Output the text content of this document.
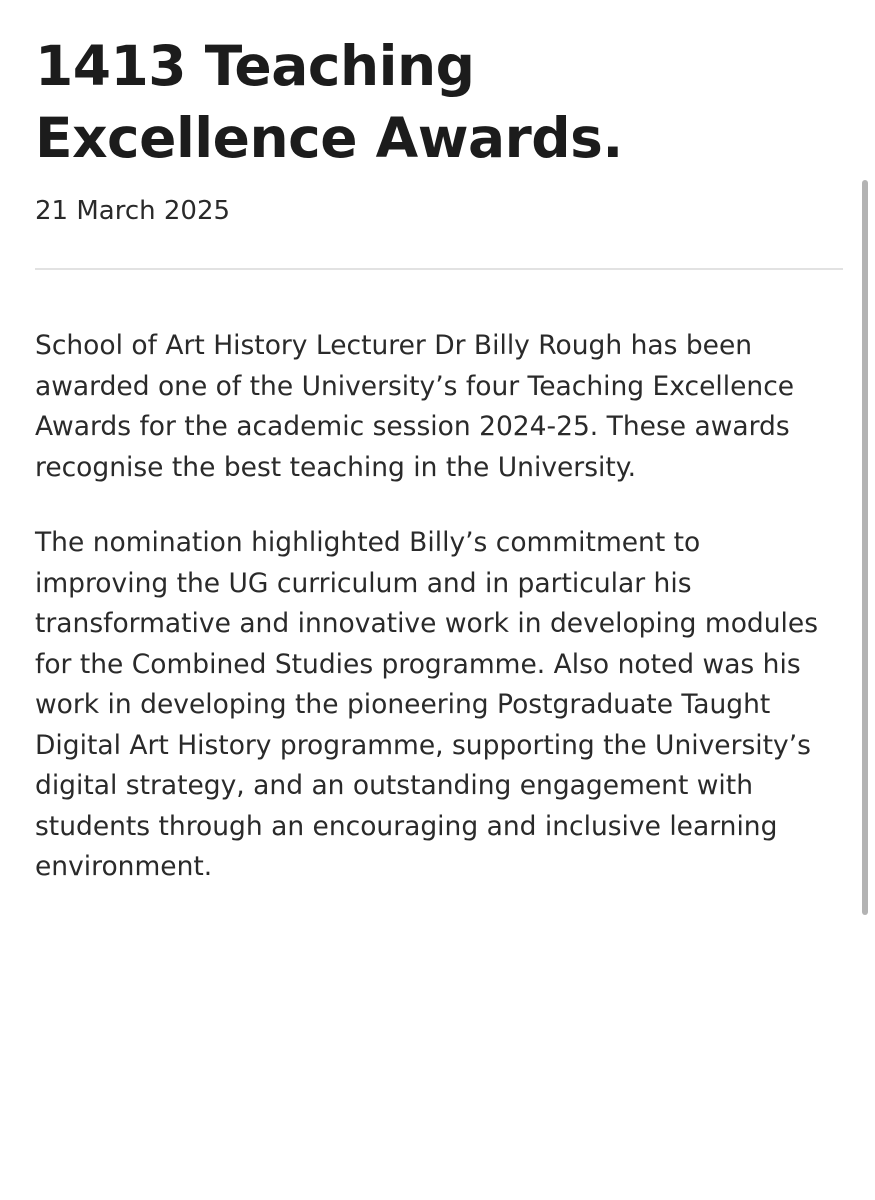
1413 Teaching
Excellence Awards.
21 March 2025

School of Art History Lecturer Dr Billy Rough has been awarded one of the University’s four Teaching Excellence Awards for the academic session 2024-25. These awards recognise the best teaching in the University.

The nomination highlighted Billy’s commitment to improving the UG curriculum and in particular his transformative and innovative work in developing modules for the Combined Studies programme. Also noted was his work in developing the pioneering Postgraduate Taught Digital Art History programme, supporting the University’s digital strategy, and an outstanding engagement with students through an encouraging and inclusive learning environment.
